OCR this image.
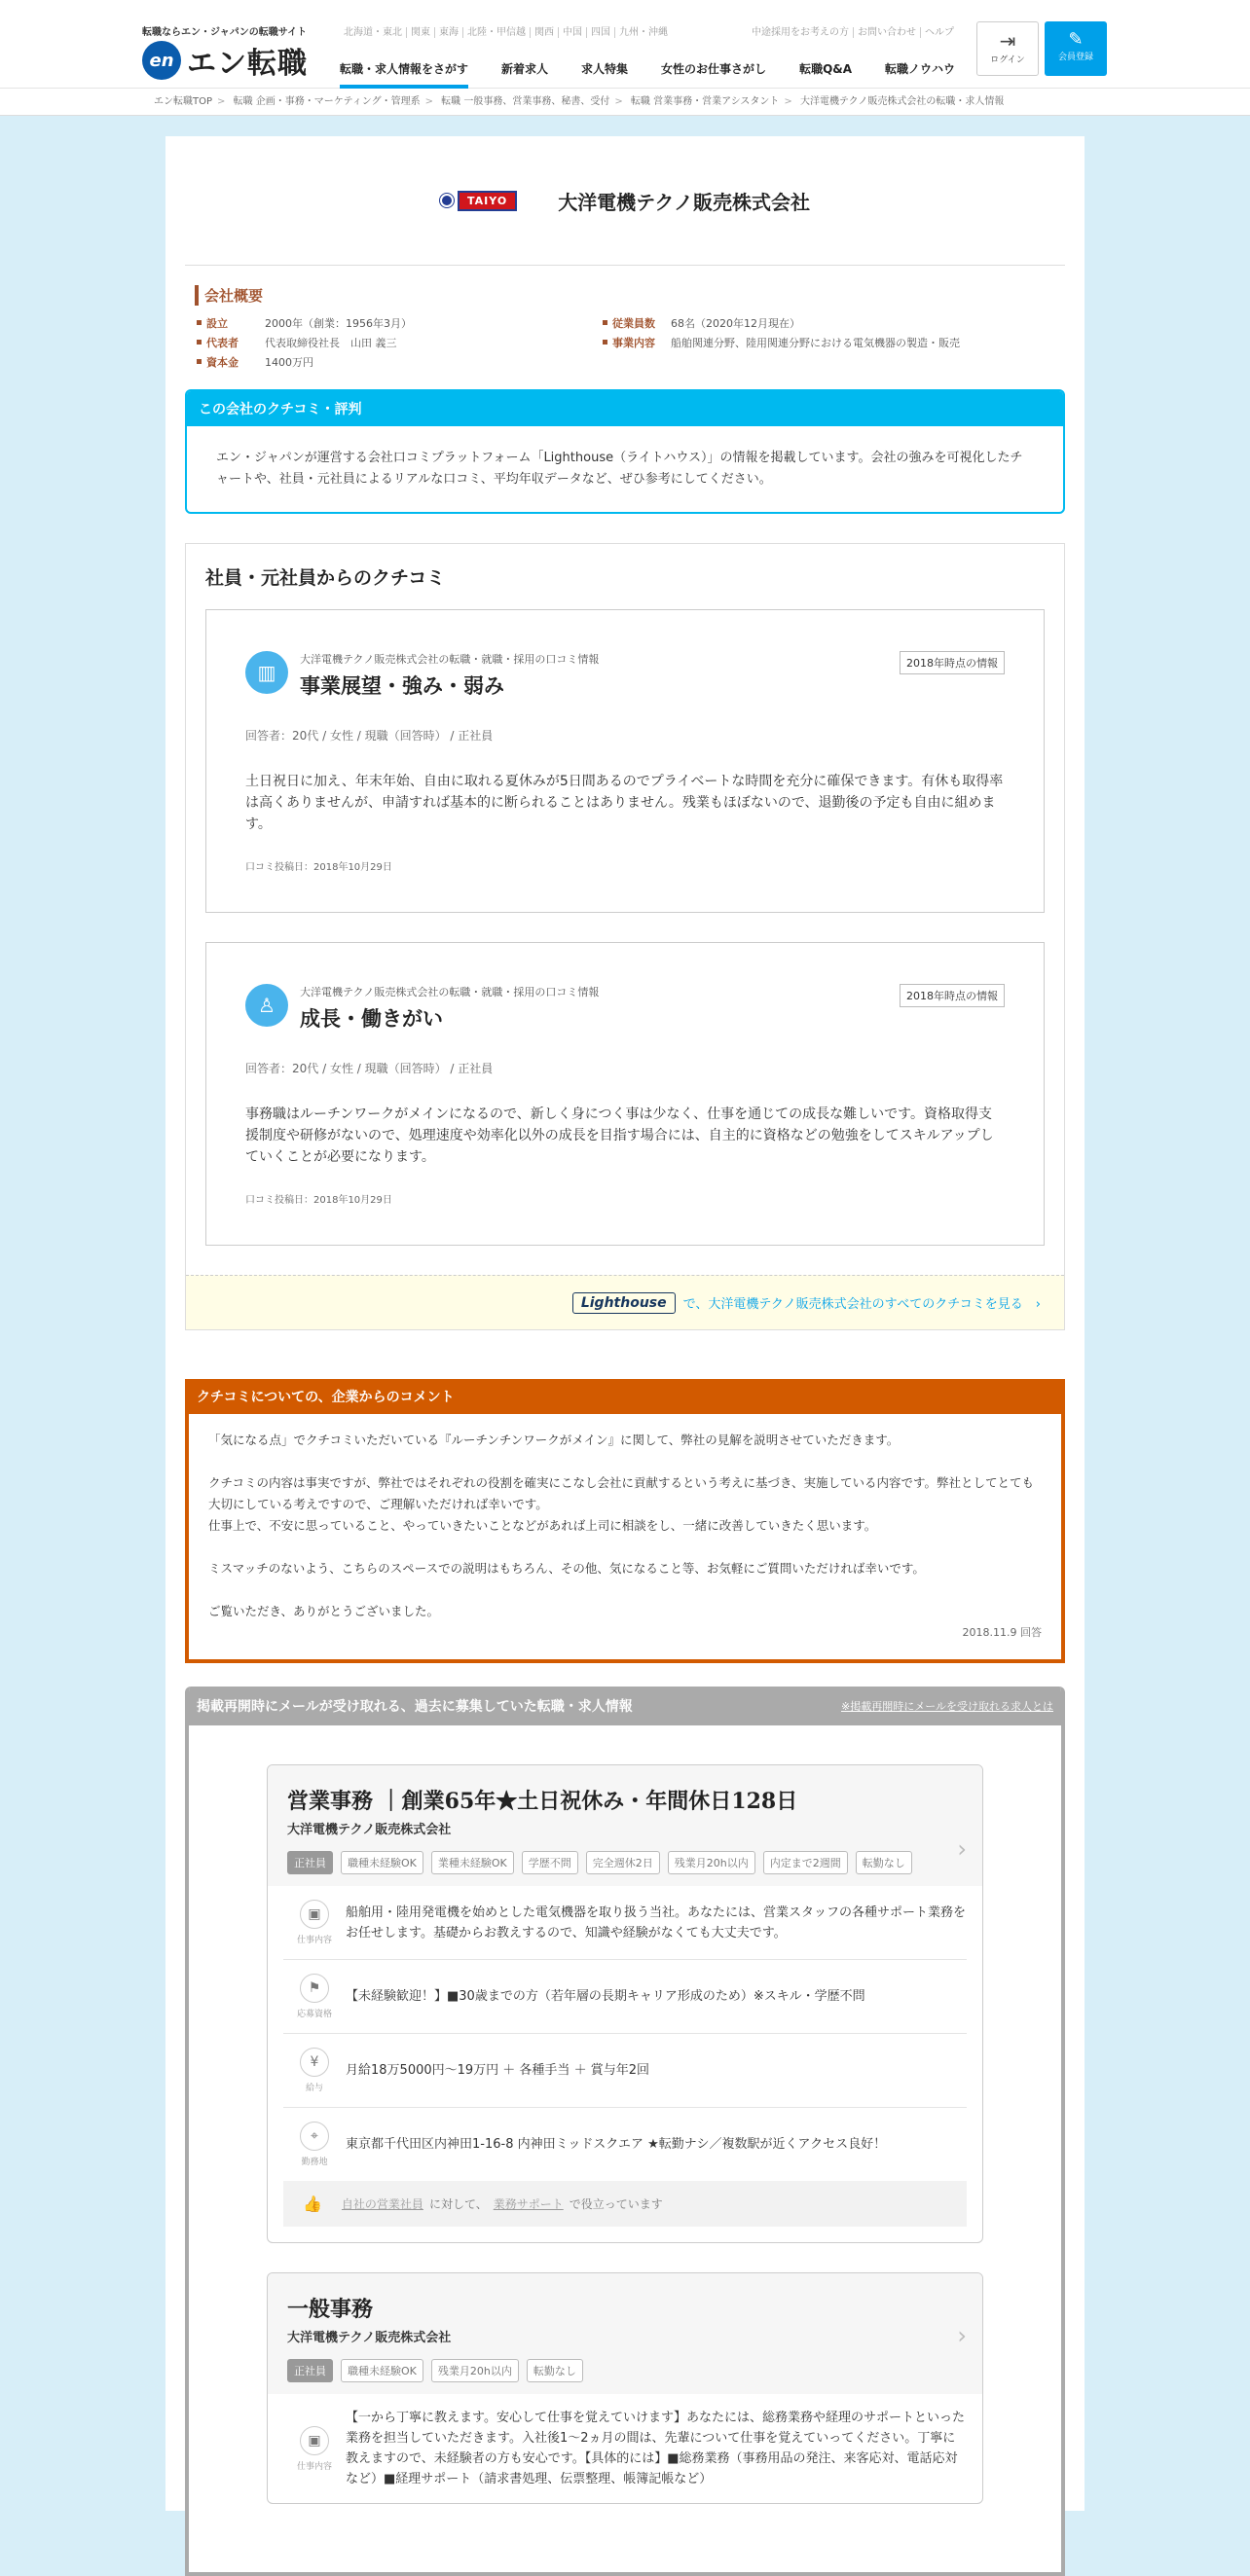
転職ならエン・ジャパンの転職サイト
en エン転職
北海道・東北 関東 東海 北陸・甲信越 関西 中国 四国 九州・沖縄	中途採用をお考えの方 お問い合わせ ヘルプ
転職・求人情報をさがす	新着求人	求人特集	女性のお仕事さがし	転職Q&A	転職ノウハウ
⇥
ログイン
✎
会員登録
エン転職TOP > 転職 企画・事務・マーケティング・管理系 > 転職 一般事務、営業事務、秘書、受付 > 転職 営業事務・営業アシスタント > 大洋電機テクノ販売株式会社の転職・求人情報
TAIYO	大洋電機テクノ販売株式会社
会社概要
設立	2000年（創業：1956年3月）	従業員数	68名（2020年12月現在）
代表者	代表取締役社長　山田 義三	事業内容	船舶関連分野、陸用関連分野における電気機器の製造・販売
資本金	1400万円
この会社のクチコミ・評判
エン・ジャパンが運営する会社口コミプラットフォーム「Lighthouse（ライトハウス）」の情報を掲載しています。会社の強みを可視化したチャートや、社員・元社員によるリアルな口コミ、平均年収データなど、ぜひ参考にしてください。
社員・元社員からのクチコミ
▥
大洋電機テクノ販売株式会社の転職・就職・採用の口コミ情報
事業展望・強み・弱み
2018年時点の情報
回答者：20代 / 女性 / 現職（回答時） / 正社員
土日祝日に加え、年末年始、自由に取れる夏休みが5日間あるのでプライベートな時間を充分に確保できます。有休も取得率は高くありませんが、申請すれば基本的に断られることはありません。残業もほぼないので、退勤後の予定も自由に組めます。
口コミ投稿日：2018年10月29日
♙
大洋電機テクノ販売株式会社の転職・就職・採用の口コミ情報
成長・働きがい
2018年時点の情報
回答者：20代 / 女性 / 現職（回答時） / 正社員
事務職はルーチンワークがメインになるので、新しく身につく事は少なく、仕事を通じての成長な難しいです。資格取得支援制度や研修がないので、処理速度や効率化以外の成長を目指す場合には、自主的に資格などの勉強をしてスキルアップしていくことが必要になります。
口コミ投稿日：2018年10月29日
Lighthouse	で、大洋電機テクノ販売株式会社のすべてのクチコミを見る　›
クチコミについての、企業からのコメント

「気になる点」でクチコミいただいている『ルーチンチンワークがメイン』に関して、弊社の見解を説明させていただきます。

クチコミの内容は事実ですが、弊社ではそれぞれの役割を確実にこなし会社に貢献するという考えに基づき、実施している内容です。弊社としてとても大切にしている考えですので、ご理解いただければ幸いです。

仕事上で、不安に思っていること、やっていきたいことなどがあれば上司に相談をし、一緒に改善していきたく思います。

ミスマッチのないよう、こちらのスペースでの説明はもちろん、その他、気になること等、お気軽にご質問いただければ幸いです。

ご覧いただき、ありがとうございました。

2018.11.9 回答
掲載再開時にメールが受け取れる、過去に募集していた転職・求人情報	※掲載再開時にメールを受け取れる求人とは
営業事務 ｜創業65年★土日祝休み・年間休日128日
大洋電機テクノ販売株式会社
›
正社員	職種未経験OK	業種未経験OK	学歴不問	完全週休2日	残業月20h以内	内定まで2週間	転勤なし
▣
仕事内容
船舶用・陸用発電機を始めとした電気機器を取り扱う当社。あなたには、営業スタッフの各種サポート業務をお任せします。基礎からお教えするので、知識や経験がなくても大丈夫です。
⚑
応募資格
【未経験歓迎！】■30歳までの方（若年層の長期キャリア形成のため）※スキル・学歴不問
¥
給与
月給18万5000円～19万円 ＋ 各種手当 ＋ 賞与年2回
⌖
勤務地
東京都千代田区内神田1-16-8 内神田ミッドスクエア ★転勤ナシ／複数駅が近くアクセス良好！
👍 自社の営業社員 に対して、 業務サポート で役立っています
一般事務
大洋電機テクノ販売株式会社	›
正社員	職種未経験OK	残業月20h以内	転勤なし
▣
仕事内容
【一から丁寧に教えます。安心して仕事を覚えていけます】あなたには、総務業務や経理のサポートといった業務を担当していただきます。入社後1～2ヵ月の間は、先輩について仕事を覚えていってください。丁寧に教えますので、未経験者の方も安心です。【具体的には】■総務業務（事務用品の発注、来客応対、電話応対など）■経理サポート（請求書処理、伝票整理、帳簿記帳など）
